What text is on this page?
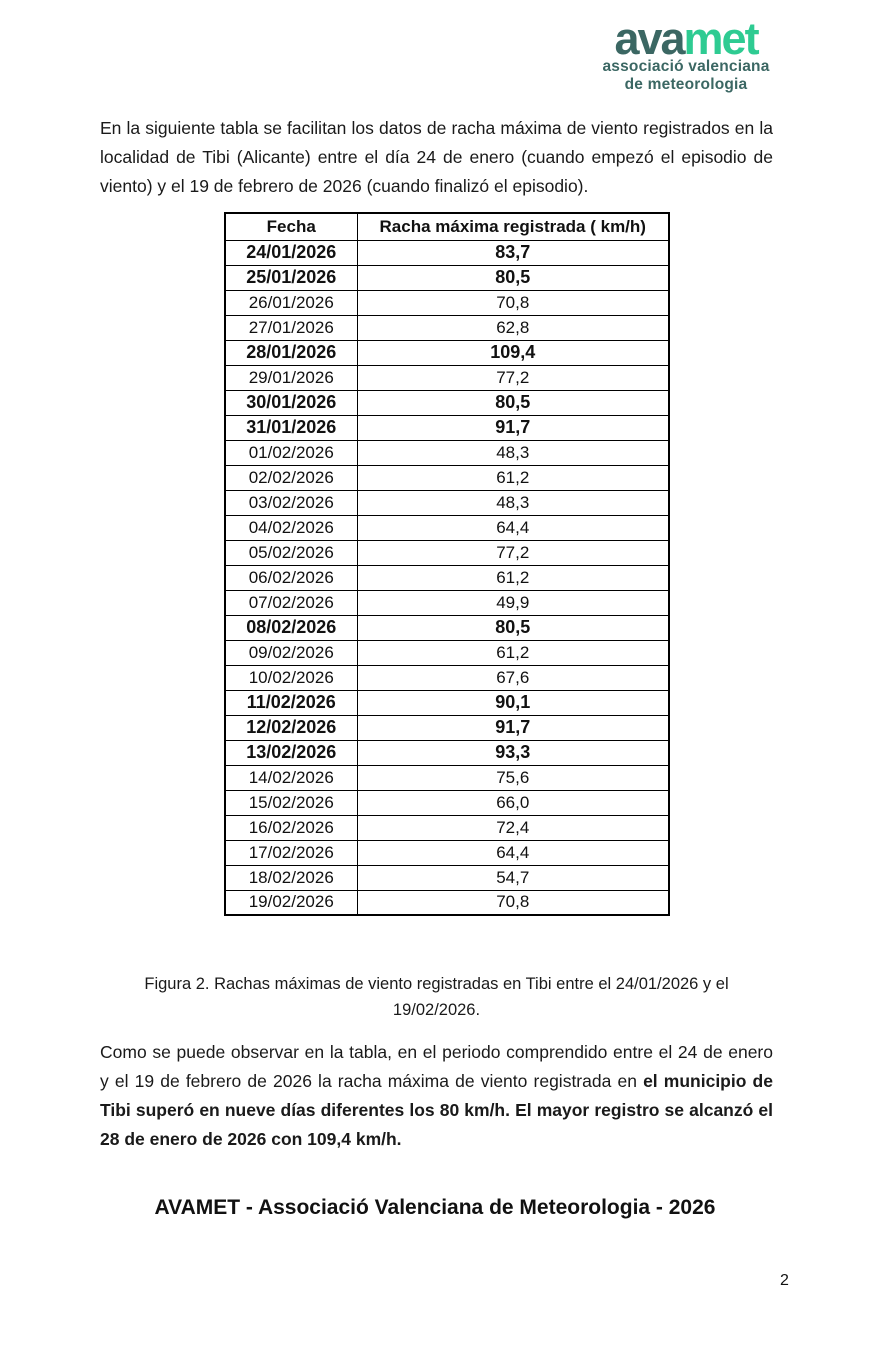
avamet
associació valenciana
de meteorologia

En la siguiente tabla se facilitan los datos de racha máxima de viento registrados en la localidad de Tibi (Alicante) entre el día 24 de enero (cuando empezó el episodio de viento) y el 19 de febrero de 2026 (cuando finalizó el episodio).

Fecha	Racha máxima registrada ( km/h)
24/01/2026	83,7
25/01/2026	80,5
26/01/2026	70,8
27/01/2026	62,8
28/01/2026	109,4
29/01/2026	77,2
30/01/2026	80,5
31/01/2026	91,7
01/02/2026	48,3
02/02/2026	61,2
03/02/2026	48,3
04/02/2026	64,4
05/02/2026	77,2
06/02/2026	61,2
07/02/2026	49,9
08/02/2026	80,5
09/02/2026	61,2
10/02/2026	67,6
11/02/2026	90,1
12/02/2026	91,7
13/02/2026	93,3
14/02/2026	75,6
15/02/2026	66,0
16/02/2026	72,4
17/02/2026	64,4
18/02/2026	54,7
19/02/2026	70,8

Figura 2. Rachas máximas de viento registradas en Tibi entre el 24/01/2026 y el 19/02/2026.

Como se puede observar en la tabla, en el periodo comprendido entre el 24 de enero y el 19 de febrero de 2026 la racha máxima de viento registrada en el municipio de Tibi superó en nueve días diferentes los 80 km/h. El mayor registro se alcanzó el 28 de enero de 2026 con 109,4 km/h.

AVAMET - Associació Valenciana de Meteorologia - 2026
2
